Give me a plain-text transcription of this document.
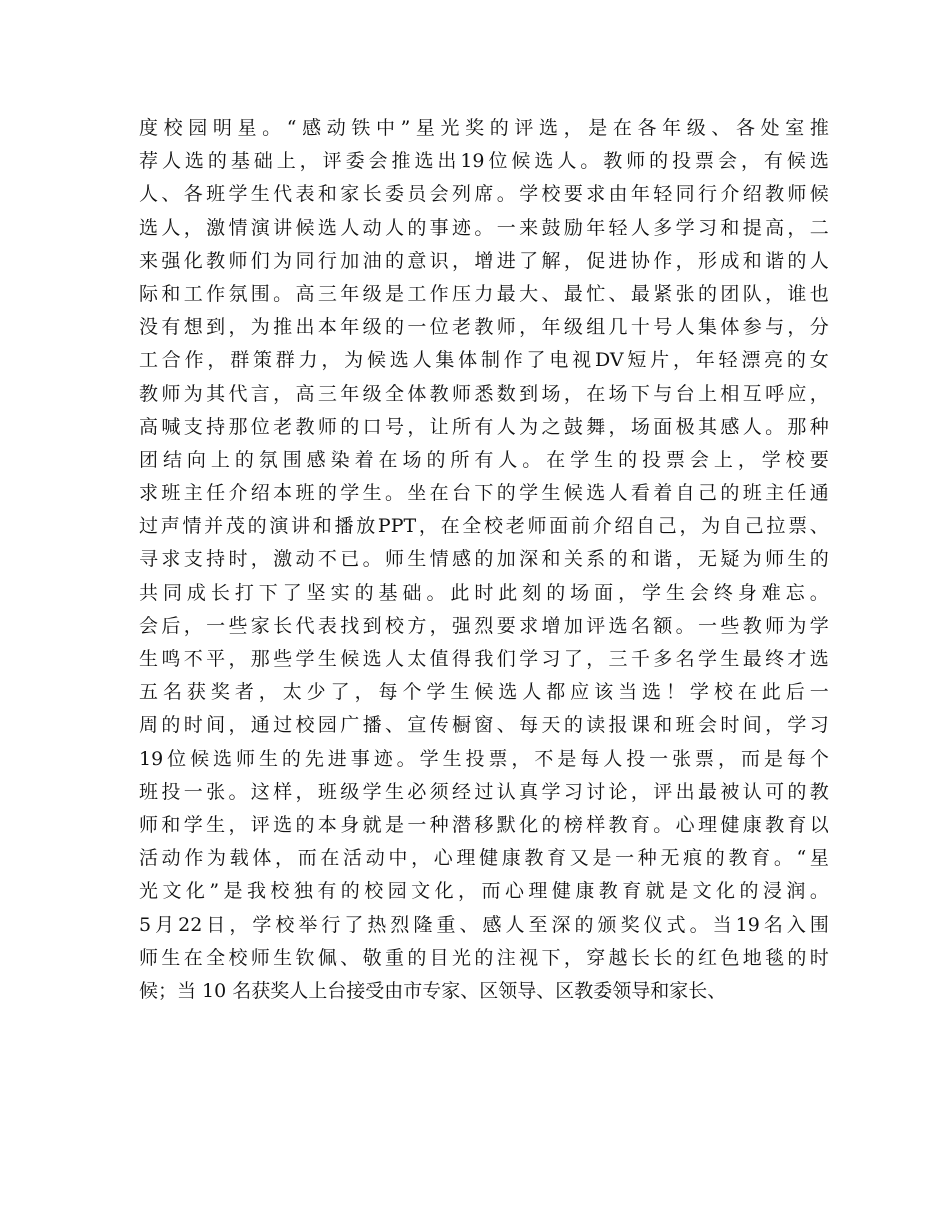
度 校 园 明 星 。 “ 感 动 铁 中 ” 星 光 奖 的 评 选 ， 是 在 各 年 级 、 各 处 室 推
荐 人 选 的 基 础 上 ， 评 委 会 推 选 出 19 位 候 选 人 。 教 师 的 投 票 会 ， 有 候 选
人 、 各 班 学 生 代 表 和 家 长 委 员 会 列 席 。 学 校 要 求 由 年 轻 同 行 介 绍 教 师 候
选 人 ， 激 情 演 讲 候 选 人 动 人 的 事 迹 。 一 来 鼓 励 年 轻 人 多 学 习 和 提 高 ， 二
来 强 化 教 师 们 为 同 行 加 油 的 意 识 ， 增 进 了 解 ， 促 进 协 作 ， 形 成 和 谐 的 人
际 和 工 作 氛 围 。 高 三 年 级 是 工 作 压 力 最 大 、 最 忙 、 最 紧 张 的 团 队 ， 谁 也
没 有 想 到 ， 为 推 出 本 年 级 的 一 位 老 教 师 ， 年 级 组 几 十 号 人 集 体 参 与 ， 分
工 合 作 ， 群 策 群 力 ， 为 候 选 人 集 体 制 作 了 电 视 DV 短 片 ， 年 轻 漂 亮 的 女
教 师 为 其 代 言 ， 高 三 年 级 全 体 教 师 悉 数 到 场 ， 在 场 下 与 台 上 相 互 呼 应 ，
高 喊 支 持 那 位 老 教 师 的 口 号 ， 让 所 有 人 为 之 鼓 舞 ， 场 面 极 其 感 人 。 那 种
团 结 向 上 的 氛 围 感 染 着 在 场 的 所 有 人 。 在 学 生 的 投 票 会 上 ， 学 校 要
求 班 主 任 介 绍 本 班 的 学 生 。 坐 在 台 下 的 学 生 候 选 人 看 着 自 己 的 班 主 任 通
过 声 情 并 茂 的 演 讲 和 播 放 PPT ， 在 全 校 老 师 面 前 介 绍 自 己 ， 为 自 己 拉 票 、
寻 求 支 持 时 ， 激 动 不 已 。 师 生 情 感 的 加 深 和 关 系 的 和 谐 ， 无 疑 为 师 生 的
共 同 成 长 打 下 了 坚 实 的 基 础 。 此 时 此 刻 的 场 面 ， 学 生 会 终 身 难 忘 。
会 后 ， 一 些 家 长 代 表 找 到 校 方 ， 强 烈 要 求 增 加 评 选 名 额 。 一 些 教 师 为 学
生 鸣 不 平 ， 那 些 学 生 候 选 人 太 值 得 我 们 学 习 了 ， 三 千 多 名 学 生 最 终 才 选
五 名 获 奖 者 ， 太 少 了 ， 每 个 学 生 候 选 人 都 应 该 当 选 ！ 学 校 在 此 后 一
周 的 时 间 ， 通 过 校 园 广 播 、 宣 传 橱 窗 、 每 天 的 读 报 课 和 班 会 时 间 ， 学 习
19 位 候 选 师 生 的 先 进 事 迹 。 学 生 投 票 ， 不 是 每 人 投 一 张 票 ， 而 是 每 个
班 投 一 张 。 这 样 ， 班 级 学 生 必 须 经 过 认 真 学 习 讨 论 ， 评 出 最 被 认 可 的 教
师 和 学 生 ， 评 选 的 本 身 就 是 一 种 潜 移 默 化 的 榜 样 教 育 。 心 理 健 康 教 育 以
活 动 作 为 载 体 ， 而 在 活 动 中 ， 心 理 健 康 教 育 又 是 一 种 无 痕 的 教 育 。 “ 星
光 文 化 ” 是 我 校 独 有 的 校 园 文 化 ， 而 心 理 健 康 教 育 就 是 文 化 的 浸 润 。
5 月 22 日 ， 学 校 举 行 了 热 烈 隆 重 、 感 人 至 深 的 颁 奖 仪 式 。 当 19 名 入 围
师 生 在 全 校 师 生 钦 佩 、 敬 重 的 目 光 的 注 视 下 ， 穿 越 长 长 的 红 色 地 毯 的 时
候；当 10 名获奖人上台接受由市专家、区领导、区教委领导和家长、
